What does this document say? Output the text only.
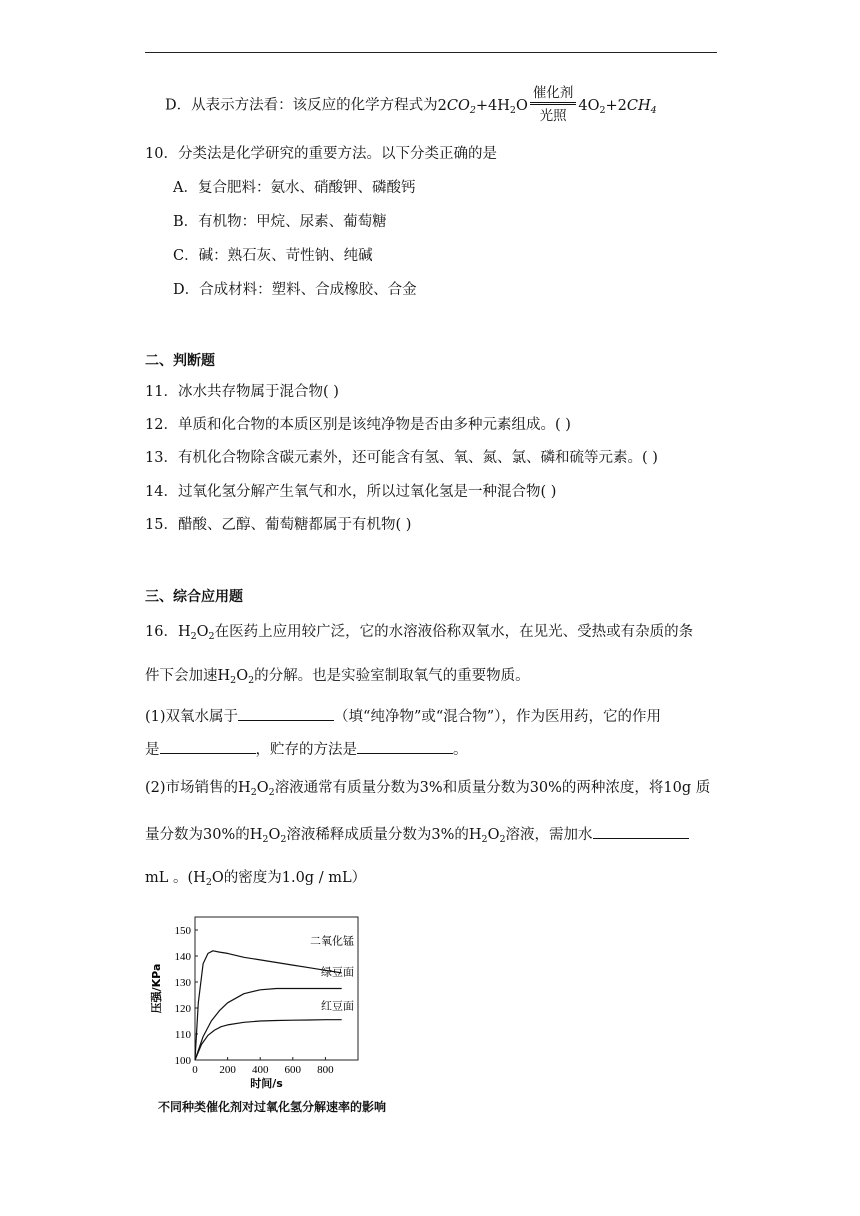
D．从表示方法看：该反应的化学方程式为$2CO_2+4H_2O \frac{\text{催化剂}}{\text{光照}} 4O_2+2CH_4$
10．分类法是化学研究的重要方法。以下分类正确的是
A．复合肥料：氨水、硝酸钾、磷酸钙
B．有机物：甲烷、尿素、葡萄糖
C．碱：熟石灰、苛性钠、纯碱
D．合成材料：塑料、合成橡胶、合金
二、判断题
11．冰水共存物属于混合物( )
12．单质和化合物的本质区别是该纯净物是否由多种元素组成。( )
13．有机化合物除含碳元素外，还可能含有氢、氧、氮、氯、磷和硫等元素。( )
14．过氧化氢分解产生氧气和水，所以过氧化氢是一种混合物( )
15．醋酸、乙醇、葡萄糖都属于有机物( )
三、综合应用题
16．$H_2O_2$在医药上应用较广泛，它的水溶液俗称双氧水，在见光、受热或有杂质的条
件下会加速$H_2O_2$的分解。也是实验室制取氧气的重要物质。
(1)双氧水属于	（填“纯净物”或“混合物”），作为医用药，它的作用
是	，贮存的方法是	。
(2)市场销售的$H_2O_2$溶液通常有质量分数为3%和质量分数为30%的两种浓度，将10g 质
量分数为30%的$H_2O_2$溶液稀释成质量分数为3%的$H_2O_2$溶液，需加水
mL 。($H_2O$的密度为1.0g / mL）
0 200 400 600 800
100
110
120
130
140
150
时间/s
压强/KPa
二氧化锰
绿豆面
红豆面
不同种类催化剂对过氧化氢分解速率的影响
